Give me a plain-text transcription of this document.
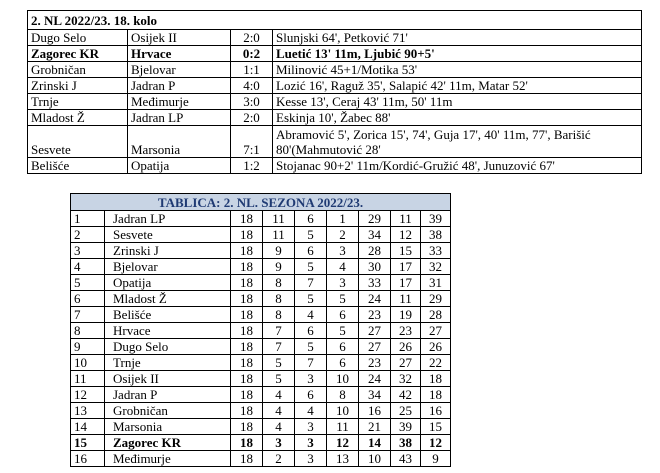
2. NL 2022/23. 18. kolo			
Dugo Selo	Osijek II	2:0	Slunjski 64', Petković 71'
Zagorec KR	Hrvace	0:2	Luetić 13' 11m, Ljubić 90+5'
Grobničan	Bjelovar	1:1	Milinović 45+1/Motika 53'
Zrinski J	Jadran P	4:0	Lozić 16', Raguž 35', Salapić 42' 11m, Matar 52'
Trnje	Međimurje	3:0	Kesse 13', Ceraj 43' 11m, 50' 11m
Mladost Ž	Jadran LP	2:0	Eskinja 10', Žabec 88'
Sesvete	Marsonia	7:1	Abramović 5', Zorica 15', 74', Guja 17', 40' 11m, 77', Barišić 80'(Mahmutović 28'
Belišće	Opatija	1:2	Stojanac 90+2' 11m/Kordić-Gružić 48', Junuzović 67'
TABLICA: 2. NL. SEZONA 2022/23.								
1	Jadran LP	18	11	6	1	29	11	39
2	Sesvete	18	11	5	2	34	12	38
3	Zrinski J	18	9	6	3	28	15	33
4	Bjelovar	18	9	5	4	30	17	32
5	Opatija	18	8	7	3	33	17	31
6	Mladost Ž	18	8	5	5	24	11	29
7	Belišće	18	8	4	6	23	19	28
8	Hrvace	18	7	6	5	27	23	27
9	Dugo Selo	18	7	5	6	27	26	26
10	Trnje	18	5	7	6	23	27	22
11	Osijek II	18	5	3	10	24	32	18
12	Jadran P	18	4	6	8	34	42	18
13	Grobničan	18	4	4	10	16	25	16
14	Marsonia	18	4	3	11	21	39	15
15	Zagorec KR	18	3	3	12	14	38	12
16	Međimurje	18	2	3	13	10	43	9
